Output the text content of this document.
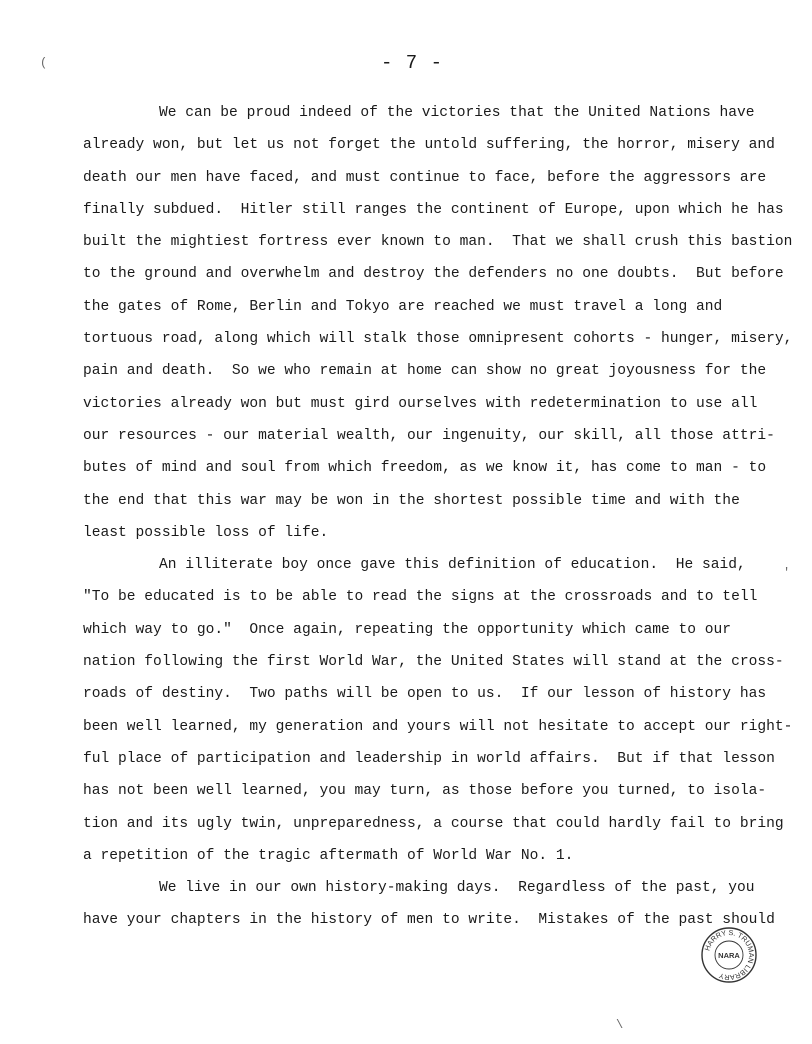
- 7 -
We can be proud indeed of the victories that the United Nations have
already won, but let us not forget the untold suffering, the horror, misery and
death our men have faced, and must continue to face, before the aggressors are
finally subdued.  Hitler still ranges the continent of Europe, upon which he has
built the mightiest fortress ever known to man.  That we shall crush this bastion
to the ground and overwhelm and destroy the defenders no one doubts.  But before
the gates of Rome, Berlin and Tokyo are reached we must travel a long and
tortuous road, along which will stalk those omnipresent cohorts - hunger, misery,
pain and death.  So we who remain at home can show no great joyousness for the
victories already won but must gird ourselves with redetermination to use all
our resources - our material wealth, our ingenuity, our skill, all those attri-
butes of mind and soul from which freedom, as we know it, has come to man - to
the end that this war may be won in the shortest possible time and with the
least possible loss of life.
An illiterate boy once gave this definition of education.  He said,
"To be educated is to be able to read the signs at the crossroads and to tell
which way to go."  Once again, repeating the opportunity which came to our
nation following the first World War, the United States will stand at the cross-
roads of destiny.  Two paths will be open to us.  If our lesson of history has
been well learned, my generation and yours will not hesitate to accept our right-
ful place of participation and leadership in world affairs.  But if that lesson
has not been well learned, you may turn, as those before you turned, to isola-
tion and its ugly twin, unpreparedness, a course that could hardly fail to bring
a repetition of the tragic aftermath of World War No. 1.
We live in our own history-making days.  Regardless of the past, you
have your chapters in the history of men to write.  Mistakes of the past should
HARRY S. TRUMAN LIBRARY
NARA
(
'
\
